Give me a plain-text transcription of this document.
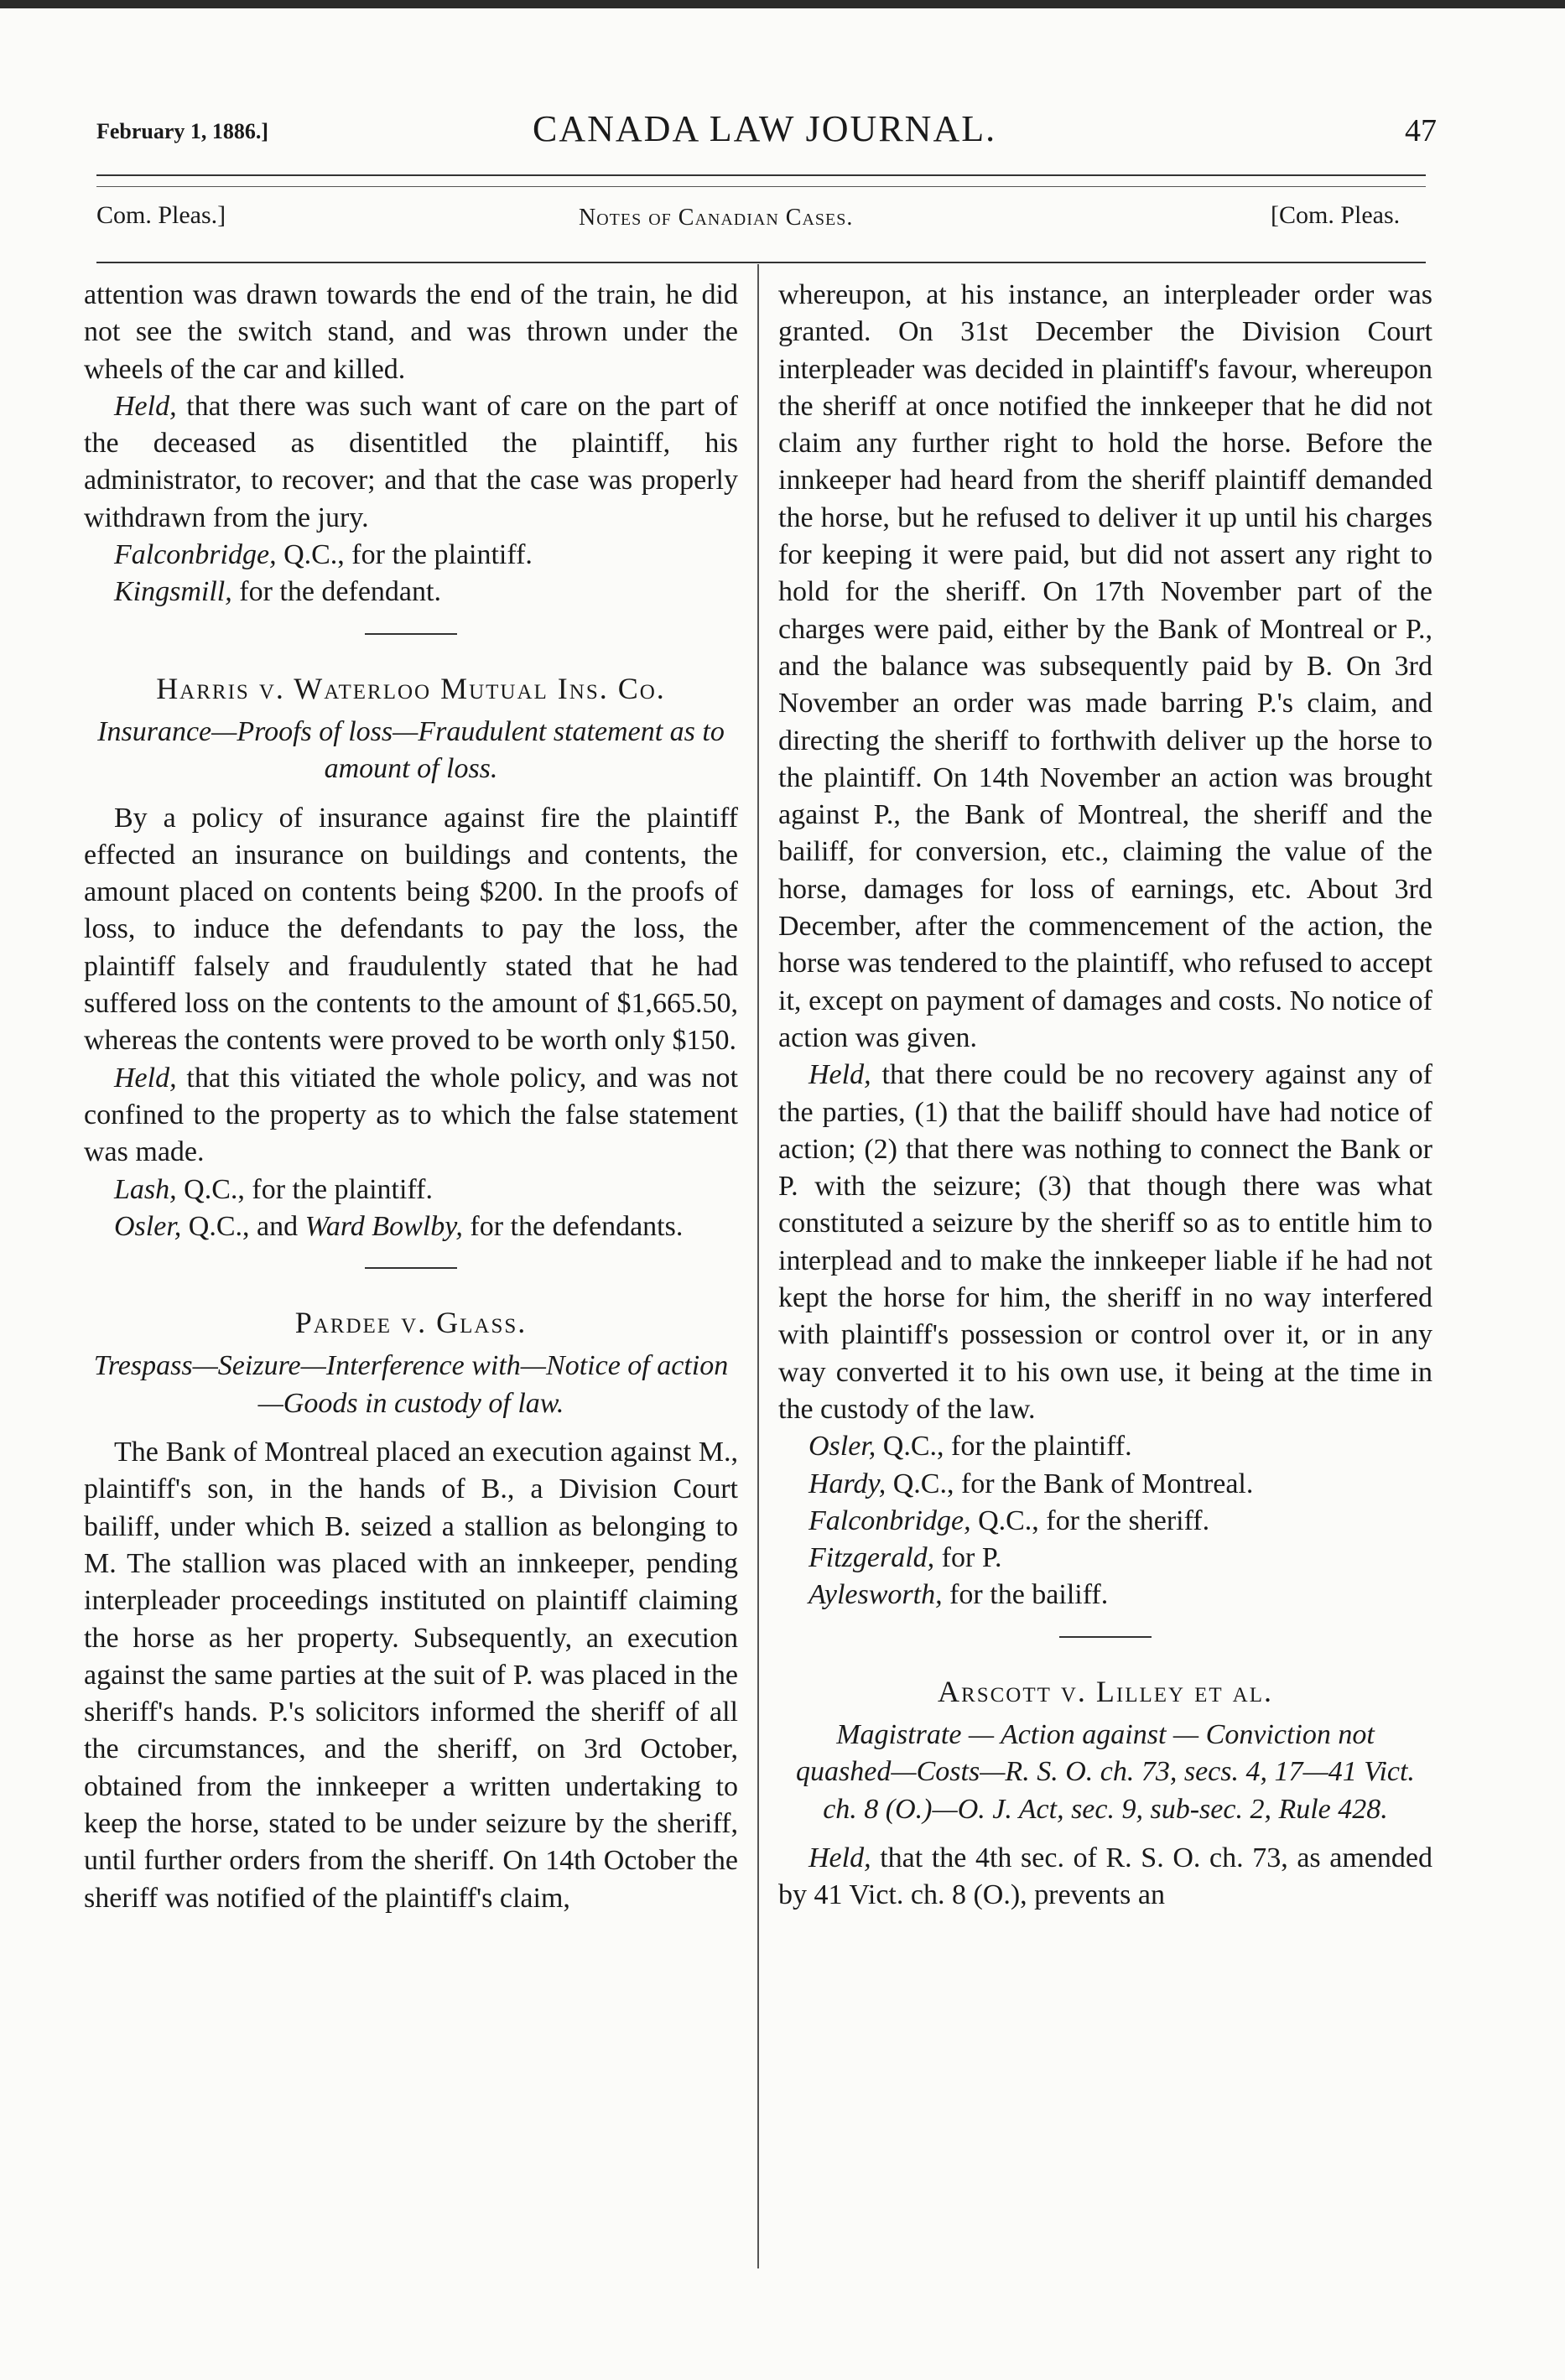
February 1, 1886.]	CANADA LAW JOURNAL.	47
Com. Pleas.]	Notes of Canadian Cases.	[Com. Pleas.

attention was drawn towards the end of the train, he did not see the switch stand, and was thrown under the wheels of the car and killed.

Held, that there was such want of care on the part of the deceased as disentitled the plaintiff, his administrator, to recover; and that the case was properly withdrawn from the jury.

Falconbridge, Q.C., for the plaintiff.

Kingsmill, for the defendant.

Harris v. Waterloo Mutual Ins. Co.
Insurance—Proofs of loss—Fraudulent statement as to amount of loss.

By a policy of insurance against fire the plaintiff effected an insurance on buildings and contents, the amount placed on contents being $200. In the proofs of loss, to induce the defendants to pay the loss, the plaintiff falsely and fraudulently stated that he had suffered loss on the contents to the amount of $1,665.50, whereas the contents were proved to be worth only $150.

Held, that this vitiated the whole policy, and was not confined to the property as to which the false statement was made.

Lash, Q.C., for the plaintiff.

Osler, Q.C., and Ward Bowlby, for the defendants.

Pardee v. Glass.
Trespass—Seizure—Interference with—Notice of action—Goods in custody of law.

The Bank of Montreal placed an execution against M., plaintiff's son, in the hands of B., a Division Court bailiff, under which B. seized a stallion as belonging to M. The stallion was placed with an innkeeper, pending interpleader proceedings instituted on plaintiff claiming the horse as her property. Subsequently, an execution against the same parties at the suit of P. was placed in the sheriff's hands. P.'s solicitors informed the sheriff of all the circumstances, and the sheriff, on 3rd October, obtained from the innkeeper a written undertaking to keep the horse, stated to be under seizure by the sheriff, until further orders from the sheriff. On 14th October the sheriff was notified of the plaintiff's claim,

whereupon, at his instance, an interpleader order was granted. On 31st December the Division Court interpleader was decided in plaintiff's favour, whereupon the sheriff at once notified the innkeeper that he did not claim any further right to hold the horse. Before the innkeeper had heard from the sheriff plaintiff demanded the horse, but he refused to deliver it up until his charges for keeping it were paid, but did not assert any right to hold for the sheriff. On 17th November part of the charges were paid, either by the Bank of Montreal or P., and the balance was subsequently paid by B. On 3rd November an order was made barring P.'s claim, and directing the sheriff to forthwith deliver up the horse to the plaintiff. On 14th November an action was brought against P., the Bank of Montreal, the sheriff and the bailiff, for conversion, etc., claiming the value of the horse, damages for loss of earnings, etc. About 3rd December, after the commencement of the action, the horse was tendered to the plaintiff, who refused to accept it, except on payment of damages and costs. No notice of action was given.

Held, that there could be no recovery against any of the parties, (1) that the bailiff should have had notice of action; (2) that there was nothing to connect the Bank or P. with the seizure; (3) that though there was what constituted a seizure by the sheriff so as to entitle him to interplead and to make the innkeeper liable if he had not kept the horse for him, the sheriff in no way interfered with plaintiff's possession or control over it, or in any way converted it to his own use, it being at the time in the custody of the law.

Osler, Q.C., for the plaintiff.

Hardy, Q.C., for the Bank of Montreal.

Falconbridge, Q.C., for the sheriff.

Fitzgerald, for P.

Aylesworth, for the bailiff.

Arscott v. Lilley et al.
Magistrate — Action against — Conviction not quashed—Costs—R. S. O. ch. 73, secs. 4, 17—41 Vict. ch. 8 (O.)—O. J. Act, sec. 9, sub-sec. 2, Rule 428.

Held, that the 4th sec. of R. S. O. ch. 73, as amended by 41 Vict. ch. 8 (O.), prevents an
